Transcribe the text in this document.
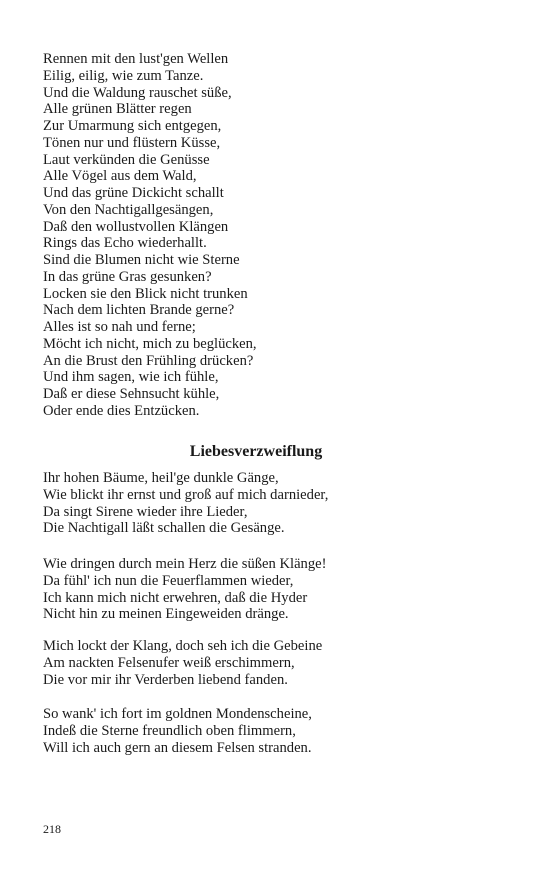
Rennen mit den lust'gen Wellen
Eilig, eilig, wie zum Tanze.
Und die Waldung rauschet süße,
Alle grünen Blätter regen
Zur Umarmung sich entgegen,
Tönen nur und flüstern Küsse,
Laut verkünden die Genüsse
Alle Vögel aus dem Wald,
Und das grüne Dickicht schallt
Von den Nachtigallgesängen,
Daß den wollustvollen Klängen
Rings das Echo wiederhallt.
Sind die Blumen nicht wie Sterne
In das grüne Gras gesunken?
Locken sie den Blick nicht trunken
Nach dem lichten Brande gerne?
Alles ist so nah und ferne;
Möcht ich nicht, mich zu beglücken,
An die Brust den Frühling drücken?
Und ihm sagen, wie ich fühle,
Daß er diese Sehnsucht kühle,
Oder ende dies Entzücken.
Liebesverzweiflung
Ihr hohen Bäume, heil'ge dunkle Gänge,
Wie blickt ihr ernst und groß auf mich darnieder,
Da singt Sirene wieder ihre Lieder,
Die Nachtigall läßt schallen die Gesänge.
Wie dringen durch mein Herz die süßen Klänge!
Da fühl' ich nun die Feuerflammen wieder,
Ich kann mich nicht erwehren, daß die Hyder
Nicht hin zu meinen Eingeweiden dränge.
Mich lockt der Klang, doch seh ich die Gebeine
Am nackten Felsenufer weiß erschimmern,
Die vor mir ihr Verderben liebend fanden.
So wank' ich fort im goldnen Mondenscheine,
Indeß die Sterne freundlich oben flimmern,
Will ich auch gern an diesem Felsen stranden.
218
